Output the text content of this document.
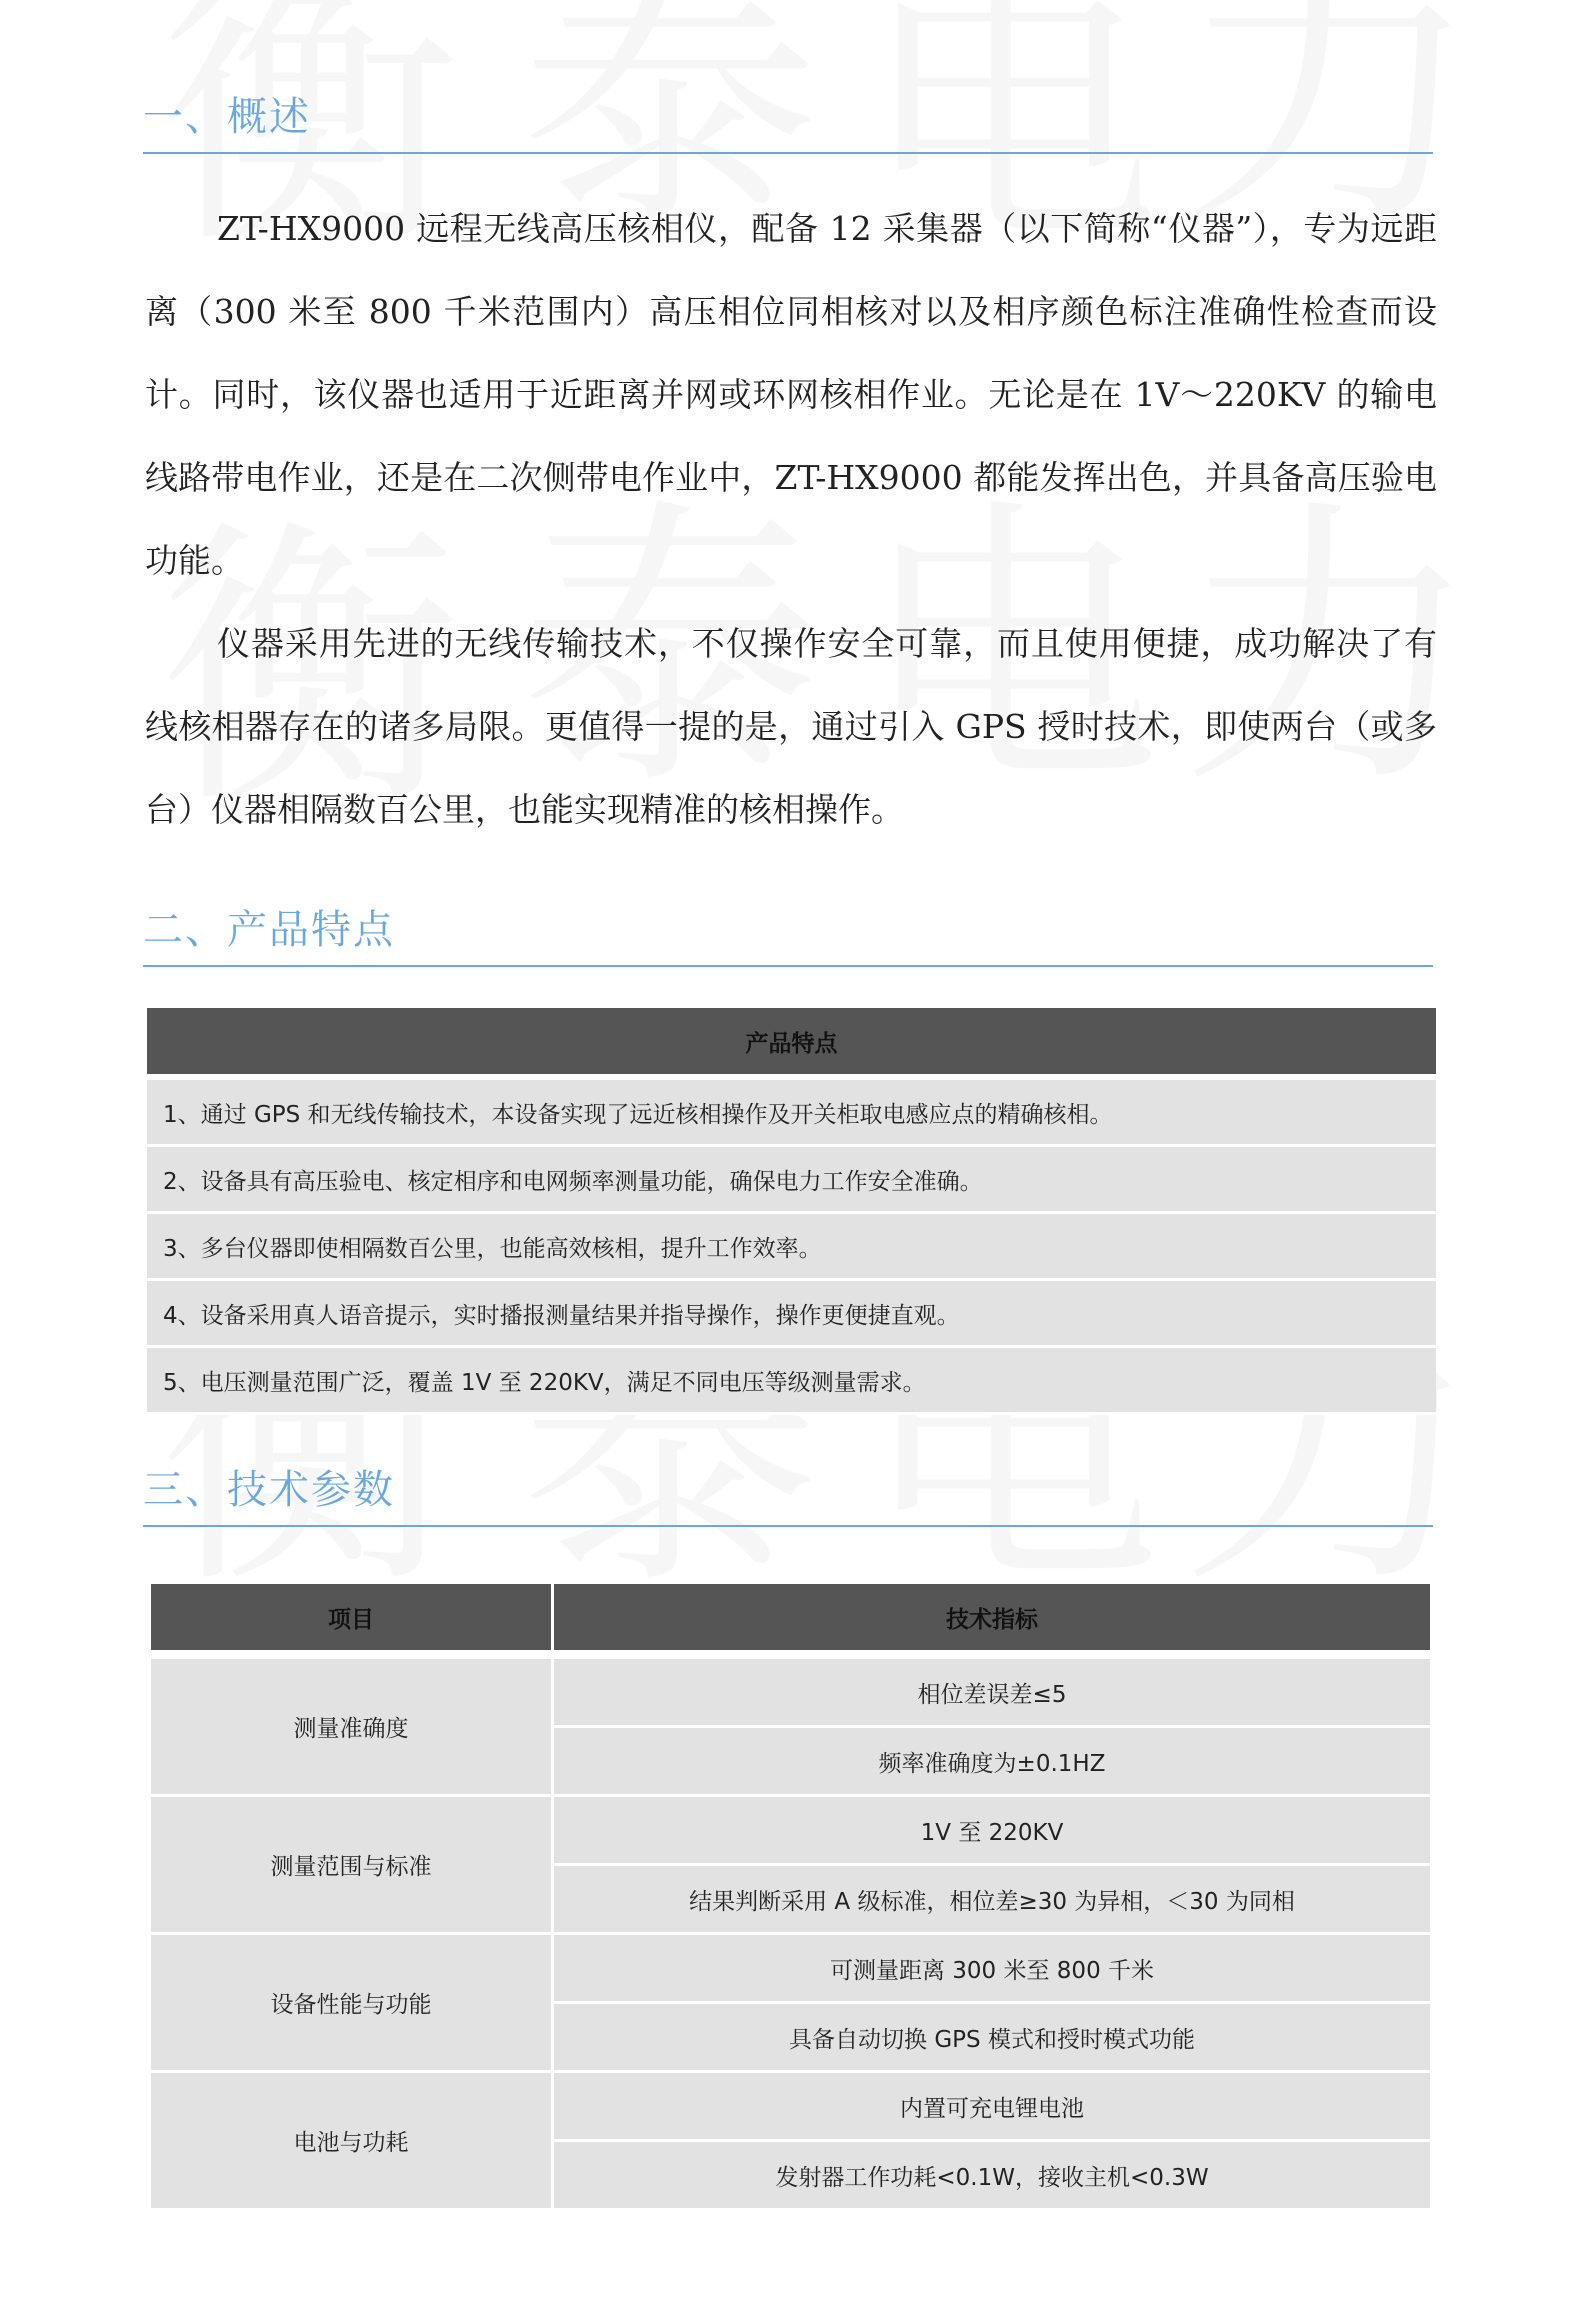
一、概述

ZT-HX9000 远程无线高压核相仪，配备 12 采集器（以下简称“仪器”），专为远距离（300 米至 800 千米范围内）高压相位同相核对以及相序颜色标注准确性检查而设计。同时，该仪器也适用于近距离并网或环网核相作业。无论是在 1V～220KV 的输电线路带电作业，还是在二次侧带电作业中，ZT-HX9000 都能发挥出色，并具备高压验电功能。

仪器采用先进的无线传输技术，不仅操作安全可靠，而且使用便捷，成功解决了有线核相器存在的诸多局限。更值得一提的是，通过引入 GPS 授时技术，即使两台（或多台）仪器相隔数百公里，也能实现精准的核相操作。

二、产品特点
产品特点
1、通过 GPS 和无线传输技术，本设备实现了远近核相操作及开关柜取电感应点的精确核相。
2、设备具有高压验电、核定相序和电网频率测量功能，确保电力工作安全准确。
3、多台仪器即使相隔数百公里，也能高效核相，提升工作效率。
4、设备采用真人语音提示，实时播报测量结果并指导操作，操作更便捷直观。
5、电压测量范围广泛，覆盖 1V 至 220KV，满足不同电压等级测量需求。
三、技术参数
项目	技术指标

测量准确度	相位差误差≤5
	频率准确度为±0.1HZ
测量范围与标准	1V 至 220KV
	结果判断采用 A 级标准，相位差≥30 为异相，＜30 为同相
设备性能与功能	可测量距离 300 米至 800 千米
	具备自动切换 GPS 模式和授时模式功能
电池与功耗	内置可充电锂电池
	发射器工作功耗<0.1W，接收主机<0.3W
